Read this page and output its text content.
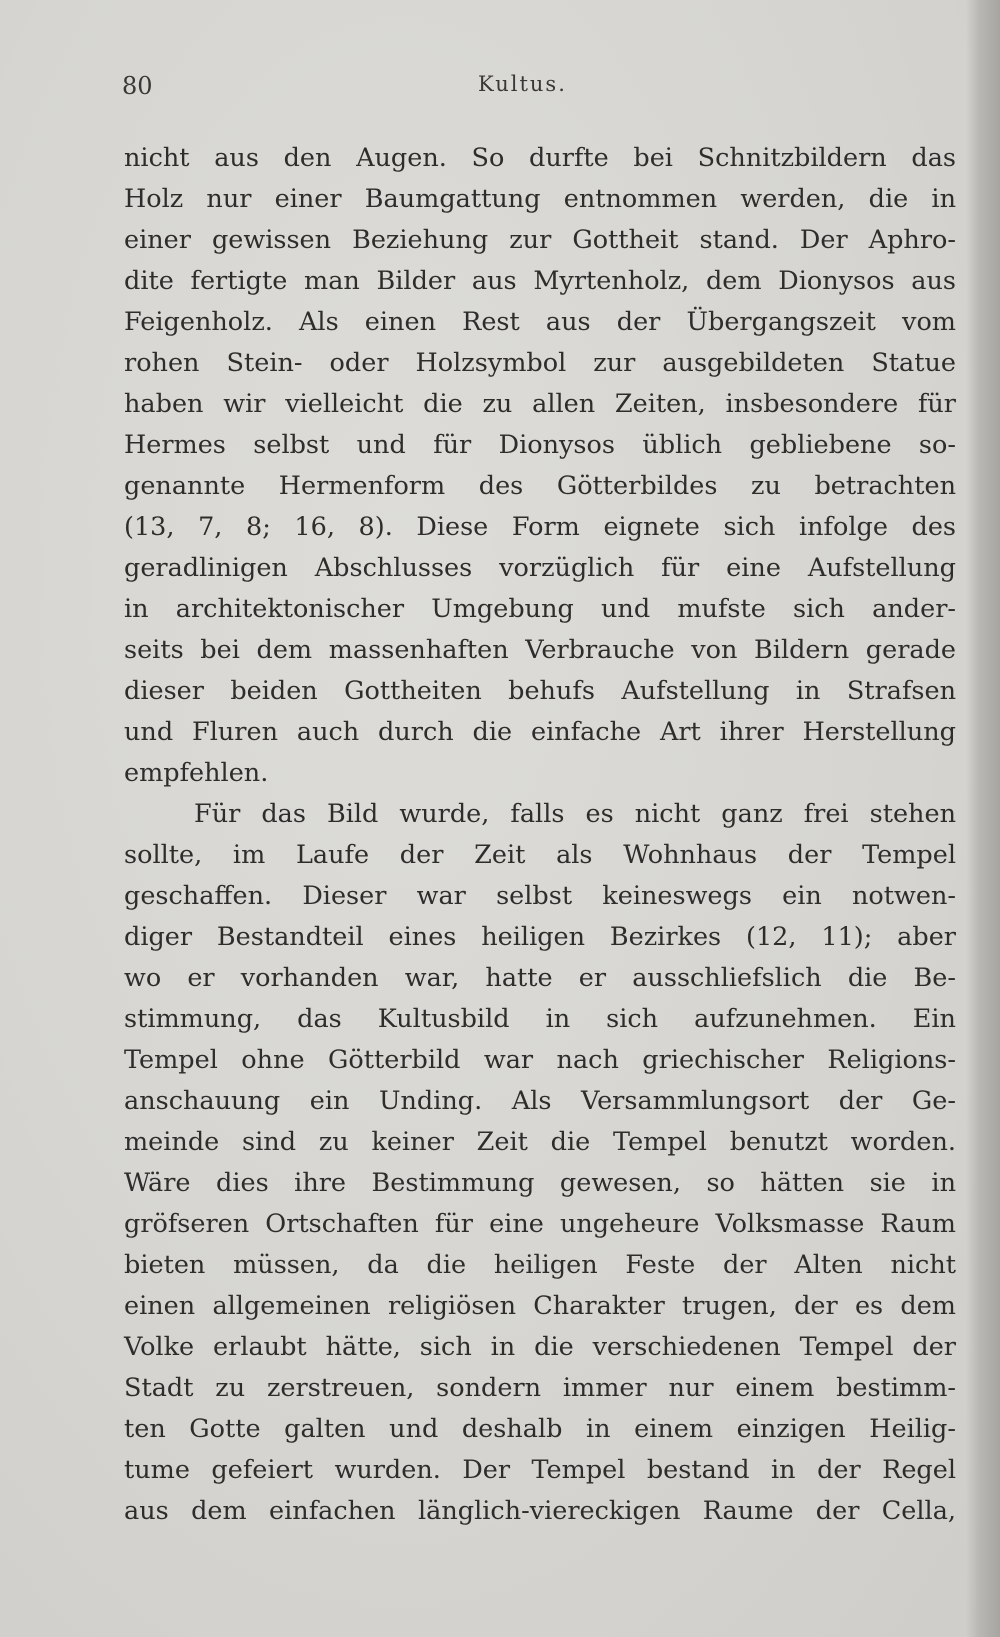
80	Kultus.
nicht aus den Augen. So durfte bei Schnitzbildern das
Holz nur einer Baumgattung entnommen werden, die in
einer gewissen Beziehung zur Gottheit stand. Der Aphro-
dite fertigte man Bilder aus Myrtenholz, dem Dionysos aus
Feigenholz. Als einen Rest aus der Übergangszeit vom
rohen Stein- oder Holzsymbol zur ausgebildeten Statue
haben wir vielleicht die zu allen Zeiten, insbesondere für
Hermes selbst und für Dionysos üblich gebliebene so-
genannte Hermenform des Götterbildes zu betrachten
(13, 7, 8; 16, 8). Diese Form eignete sich infolge des
geradlinigen Abschlusses vorzüglich für eine Aufstellung
in architektonischer Umgebung und mufste sich ander-
seits bei dem massenhaften Verbrauche von Bildern gerade
dieser beiden Gottheiten behufs Aufstellung in Strafsen
und Fluren auch durch die einfache Art ihrer Herstellung
empfehlen.
Für das Bild wurde, falls es nicht ganz frei stehen
sollte, im Laufe der Zeit als Wohnhaus der Tempel
geschaffen. Dieser war selbst keineswegs ein notwen-
diger Bestandteil eines heiligen Bezirkes (12, 11); aber
wo er vorhanden war, hatte er ausschliefslich die Be-
stimmung, das Kultusbild in sich aufzunehmen. Ein
Tempel ohne Götterbild war nach griechischer Religions-
anschauung ein Unding. Als Versammlungsort der Ge-
meinde sind zu keiner Zeit die Tempel benutzt worden.
Wäre dies ihre Bestimmung gewesen, so hätten sie in
gröfseren Ortschaften für eine ungeheure Volksmasse Raum
bieten müssen, da die heiligen Feste der Alten nicht
einen allgemeinen religiösen Charakter trugen, der es dem
Volke erlaubt hätte, sich in die verschiedenen Tempel der
Stadt zu zerstreuen, sondern immer nur einem bestimm-
ten Gotte galten und deshalb in einem einzigen Heilig-
tume gefeiert wurden. Der Tempel bestand in der Regel
aus dem einfachen länglich-viereckigen Raume der Cella,
